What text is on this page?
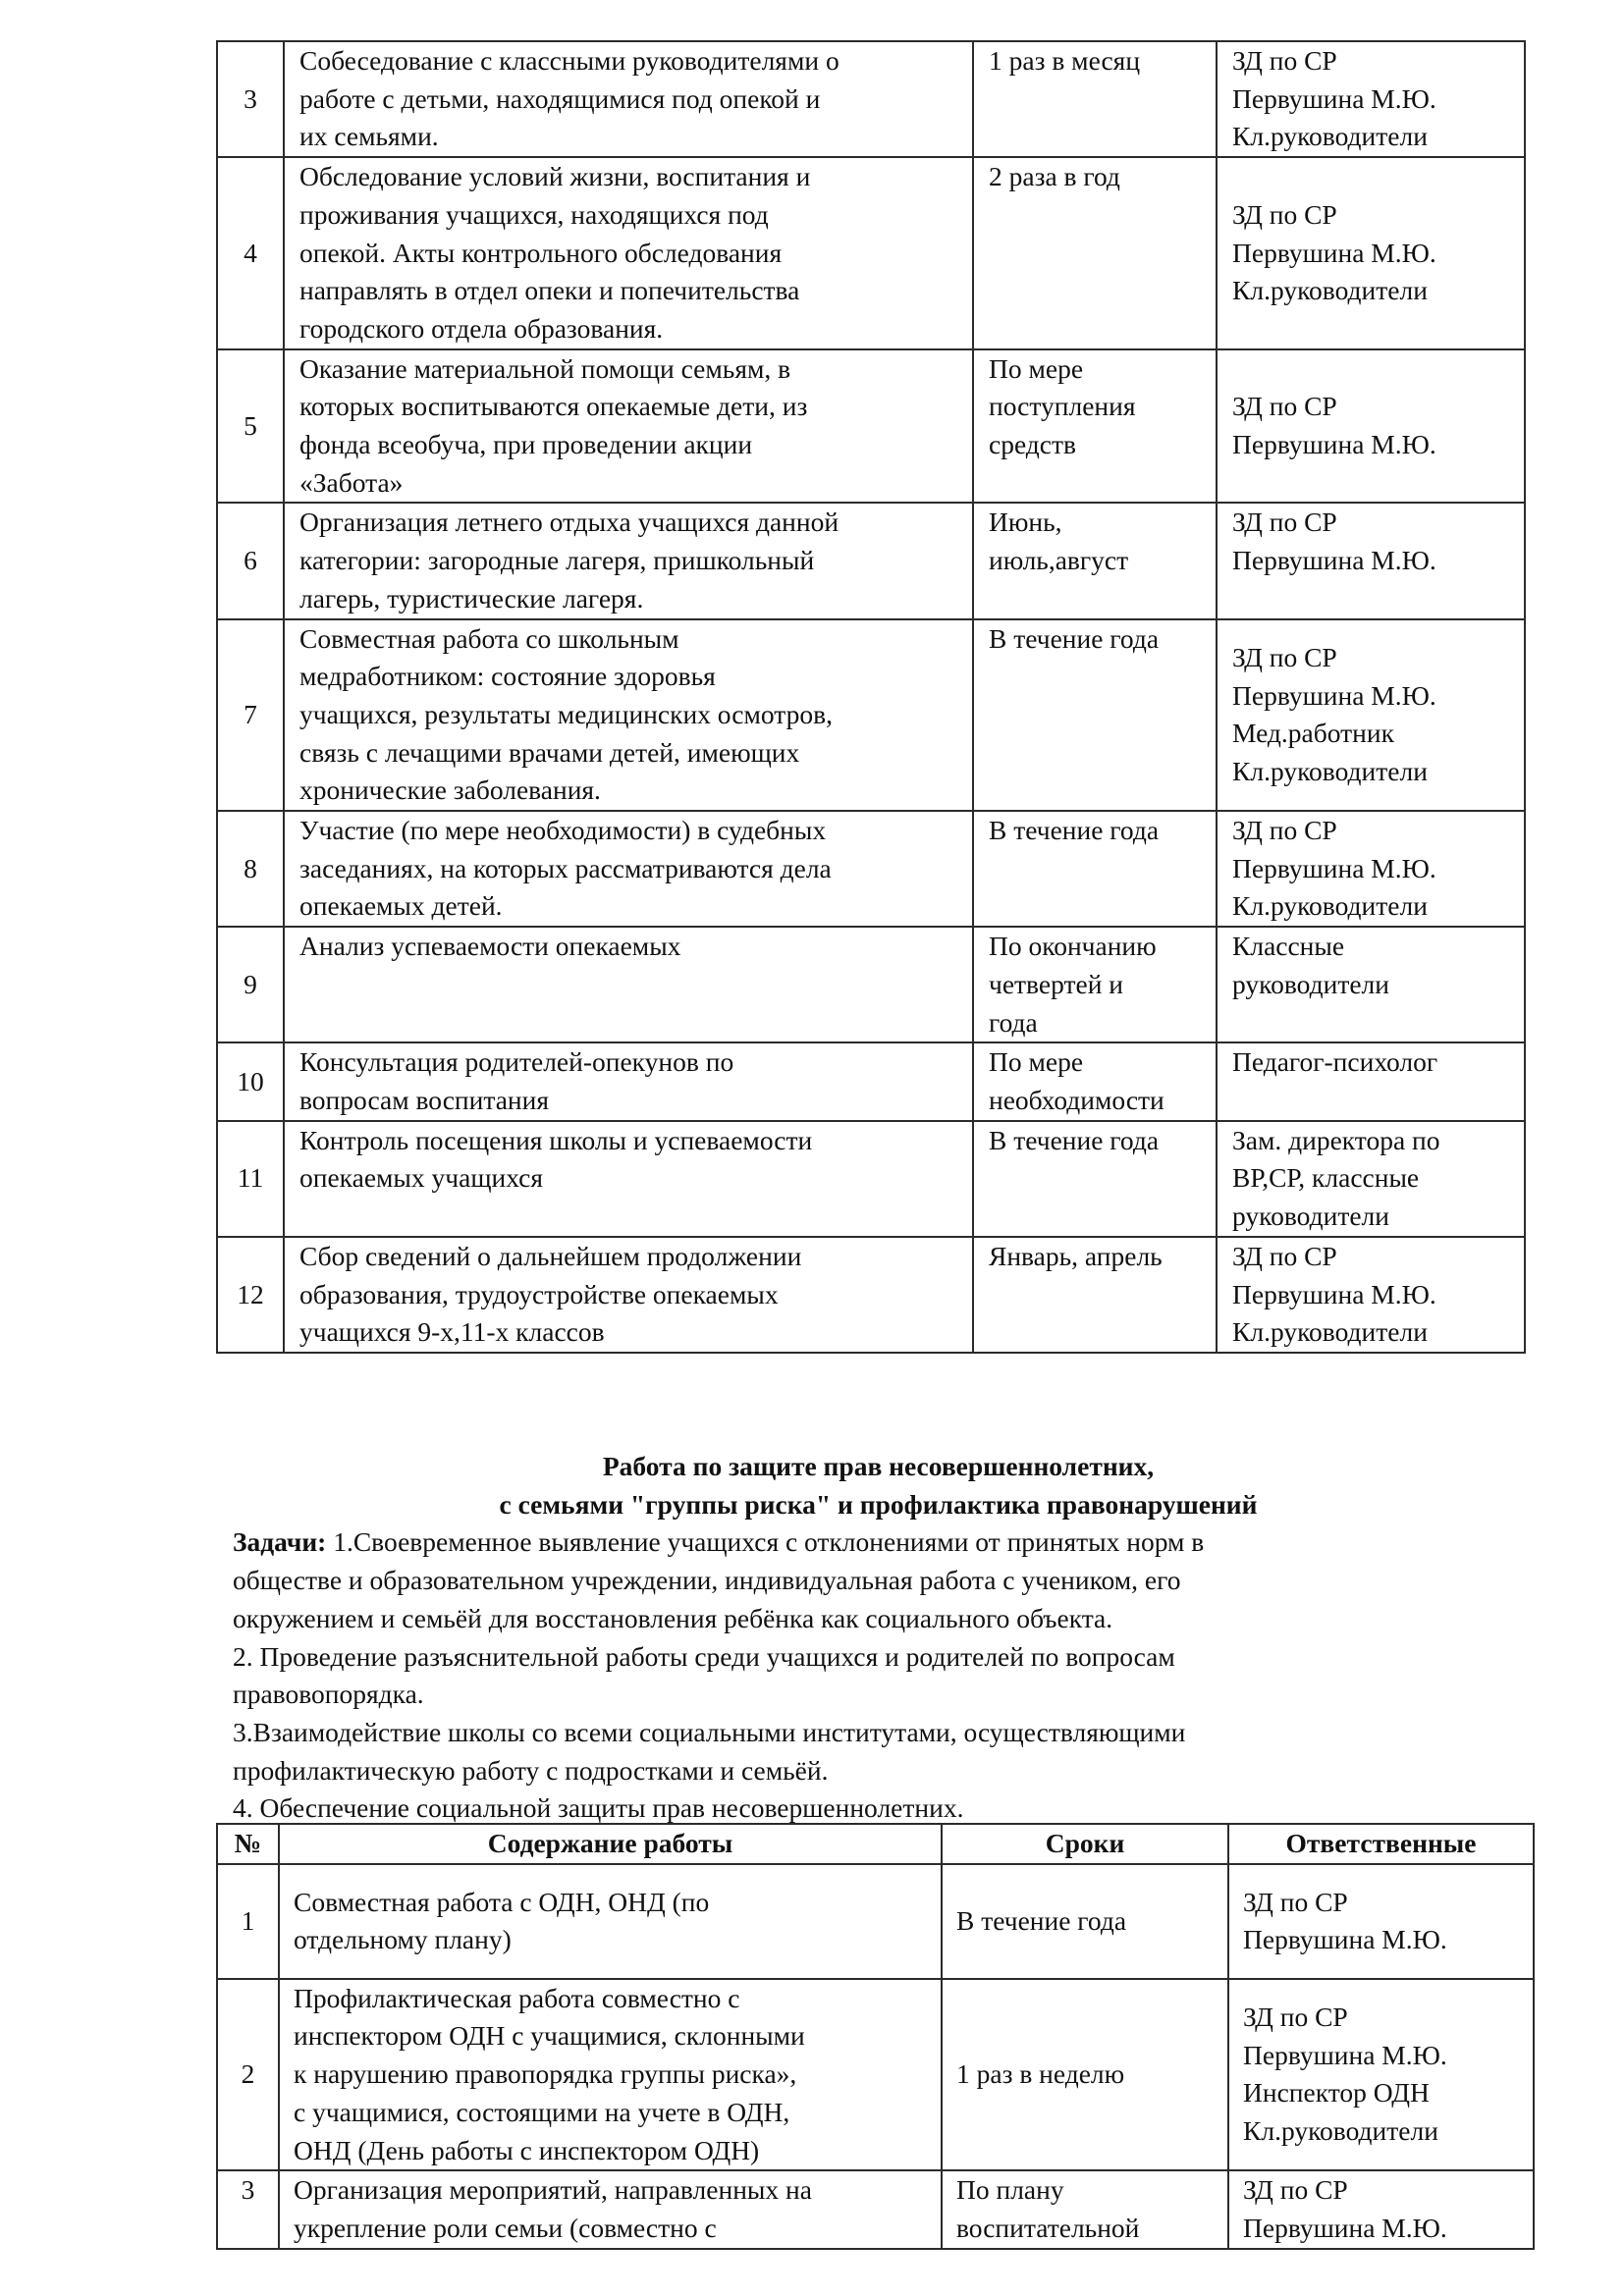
3	Собеседование с классными руководителями о
работе с детьми, находящимися под опекой и
их семьями.	1 раз в месяц	ЗД по СР
Первушина М.Ю.
Кл.руководители

4	Обследование условий жизни, воспитания и
проживания учащихся, находящихся под
опекой. Акты контрольного обследования
направлять в отдел опеки и попечительства
городского отдела образования.	2 раза в год	ЗД по СР
Первушина М.Ю.
Кл.руководители

5	Оказание материальной помощи семьям, в
которых воспитываются опекаемые дети, из
фонда всеобуча, при проведении акции
«Забота»	По мере
поступления
средств	ЗД по СР
Первушина М.Ю.

6	Организация летнего отдыха учащихся данной
категории: загородные лагеря, пришкольный
лагерь, туристические лагеря.	Июнь,
июль,август	ЗД по СР
Первушина М.Ю.

7	Совместная работа со школьным
медработником: состояние здоровья
учащихся, результаты медицинских осмотров,
связь с лечащими врачами детей, имеющих
хронические заболевания.	В течение года	ЗД по СР
Первушина М.Ю.
Мед.работник
Кл.руководители

8	Участие (по мере необходимости) в судебных
заседаниях, на которых рассматриваются дела
опекаемых детей.	В течение года	ЗД по СР
Первушина М.Ю.
Кл.руководители

9	Анализ успеваемости опекаемых	По окончанию
четвертей и
года	Классные
руководители

10	Консультация родителей-опекунов по
вопросам воспитания	По мере
необходимости	Педагог-психолог

11	Контроль посещения школы и успеваемости
опекаемых учащихся	В течение года	Зам. директора по
ВР,СР, классные
руководители

12	Сбор сведений о дальнейшем продолжении
образования, трудоустройстве опекаемых
учащихся 9-х,11-х классов	Январь, апрель	ЗД по СР
Первушина М.Ю.
Кл.руководители
Работа по защите прав несовершеннолетних,
с семьями "группы риска" и профилактика правонарушений
Задачи: 1.Своевременное выявление учащихся с отклонениями от принятых норм в
обществе и образовательном учреждении, индивидуальная работа с учеником, его
окружением и семьёй для восстановления ребёнка как социального объекта.
2. Проведение разъяснительной работы среди учащихся и родителей по вопросам
правовопорядка.
3.Взаимодействие школы со всеми социальными институтами, осуществляющими
профилактическую работу с подростками и семьёй.
4. Обеспечение социальной защиты прав несовершеннолетних.
№	Содержание работы	Сроки	Ответственные
1	Совместная работа с ОДН, ОНД (по
отдельному плану)	В течение года	ЗД по СР
Первушина М.Ю.

2	Профилактическая работа совместно с
инспектором ОДН с учащимися, склонными
к нарушению правопорядка группы риска»,
с учащимися, состоящими на учете в ОДН,
ОНД (День работы с инспектором ОДН)	1 раз в неделю	ЗД по СР
Первушина М.Ю.
Инспектор ОДН
Кл.руководители

3	Организация мероприятий, направленных на
укрепление роли семьи (совместно с	По плану
воспитательной	ЗД по СР
Первушина М.Ю.
